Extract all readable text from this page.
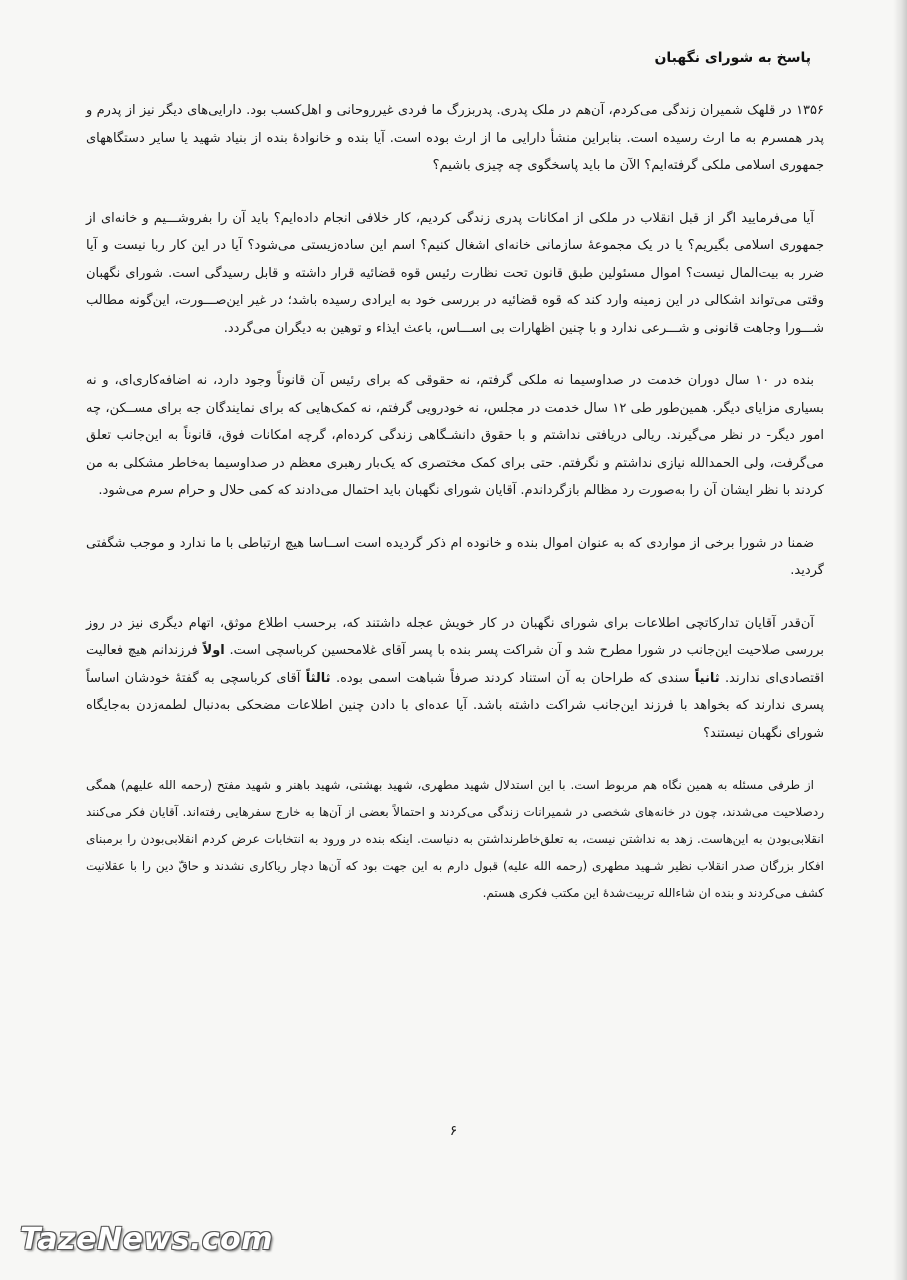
پاسخ به شورای نگهبان

۱۳۵۶ در قلهک شمیران زندگی می‌کردم، آن‌هم در ملک پدری. پدربزرگ ما فردی غیرروحانی و اهل‌کسب بود. دارایی‌های دیگر نیز از پدرم و پدر همسرم به ما ارث رسیده است. بنابراین منشأ دارایی ما از ارث بوده است. آیا بنده و خانوادهٔ بنده از بنیاد شهید یا سایر دستگاههای جمهوری اسلامی ملکی گرفته‌ایم؟ الآن ما باید پاسخگوی چه چیزی باشیم؟

آیا می‌فرمایید اگر از قبل انقلاب در ملکی از امکانات پدری زندگی کردیم، کار خلافی انجام داده‌ایم؟ باید آن را بفروشـــیم و خانه‌ای از جمهوری اسلامی بگیریم؟ یا در یک مجموعهٔ سازمانی خانه‌ای اشغال کنیم؟ اسم این ساده‌زیستی می‌شود؟ آیا در این کار ربا نیست و آیا ضرر به بیت‌المال نیست؟ اموال مسئولین طبق قانون تحت نظارت رئیس قوه قضائیه قرار داشته و قابل رسیدگی است. شورای نگهبان وقتی می‌تواند اشکالی در این زمینه وارد کند که قوه قضائیه در بررسی خود به ایرادی رسیده باشد؛ در غیر این‌صـــورت، این‌گونه مطالب شـــورا وجاهت قانونی و شـــرعی ندارد و با چنین اظهارات بی اســـاس، باعث ایذاء و توهین به دیگران می‌گردد.

بنده در ۱۰ سال دوران خدمت در صداوسیما نه ملکی گرفتم، نه حقوقی که برای رئیس آن قانوناً وجود دارد، نه اضافه‌کاری‌ای، و نه بسیاری مزایای دیگر. همین‌طور طی ۱۲ سال خدمت در مجلس، نه خودرویی گرفتم، نه کمک‌هایی که برای نمایندگان جه برای مســکن، چه امور دیگر- در نظر می‌گیرند. ریالی دریافتی نداشتم و با حقوق دانشـگاهی زندگی کرده‌ام، گرچه امکانات فوق، قانوناً به این‌جانب تعلق می‌گرفت، ولی الحمدالله نیازی نداشتم و نگرفتم. حتی برای کمک مختصری که یک‌بار رهبری معظم در صداوسیما به‌خاطر مشکلی به من کردند با نظر ایشان آن را به‌صورت رد مظالم بازگرداندم. آقایان شورای نگهبان باید احتمال می‌دادند که کمی حلال و حرام سرم می‌شود.

ضمنا در شورا برخی از مواردی که به عنوان اموال بنده و خانوده ام ذکر گردیده است اســاسا هیچ ارتباطی با ما ندارد و موجب شگفتی گردید.

آن‌قدر آقایان تدارکاتچی اطلاعات برای شورای نگهبان در کار خویش عجله داشتند که، برحسب اطلاع موثق، اتهام دیگری نیز در روز بررسی صلاحیت این‌جانب در شورا مطرح شد و آن شراکت پسر بنده با پسر آقای غلامحسین کرباسچی است. اولاً فرزندانم هیچ فعالیت اقتصادی‌ای ندارند. ثانیاً سندی که طراحان به آن استناد کردند صرفاً شباهت اسمی بوده. ثالثاً آقای کرباسچی به گفتهٔ خودشان اساساً پسری ندارند که بخواهد با فرزند این‌جانب شراکت داشته باشد. آیا عده‌ای با دادن چنین اطلاعات مضحکی به‌دنبال لطمه‌زدن به‌جایگاه شورای نگهبان نیستند؟

از طرفی مسئله به همین نگاه هم مربوط است. با این استدلال شهید مطهری، شهید بهشتی، شهید باهنر و شهید مفتح (رحمه الله علیهم) همگی ردصلاحیت می‌شدند، چون در خانه‌های شخصی در شمیرانات زندگی می‌کردند و احتمالاً بعضی از آن‌ها به خارج سفرهایی رفته‌اند. آقایان فکر می‌کنند انقلابی‌بودن به این‌هاست. زهد به نداشتن نیست، به تعلق‌خاطرنداشتن به دنیاست. اینکه بنده در ورود به انتخابات عرض کردم انقلابی‌بودن را برمبنای افکار بزرگان صدر انقلاب نظیر شـهید مطهری (رحمه الله علیه) قبول دارم به این جهت بود که آن‌ها دچار ریاکاری نشدند و حاقّ دین را با عقلانیت کشف می‌کردند و بنده ان شاءالله تربیت‌شدهٔ این مکتب فکری هستم.

۶

TazeNews.com
